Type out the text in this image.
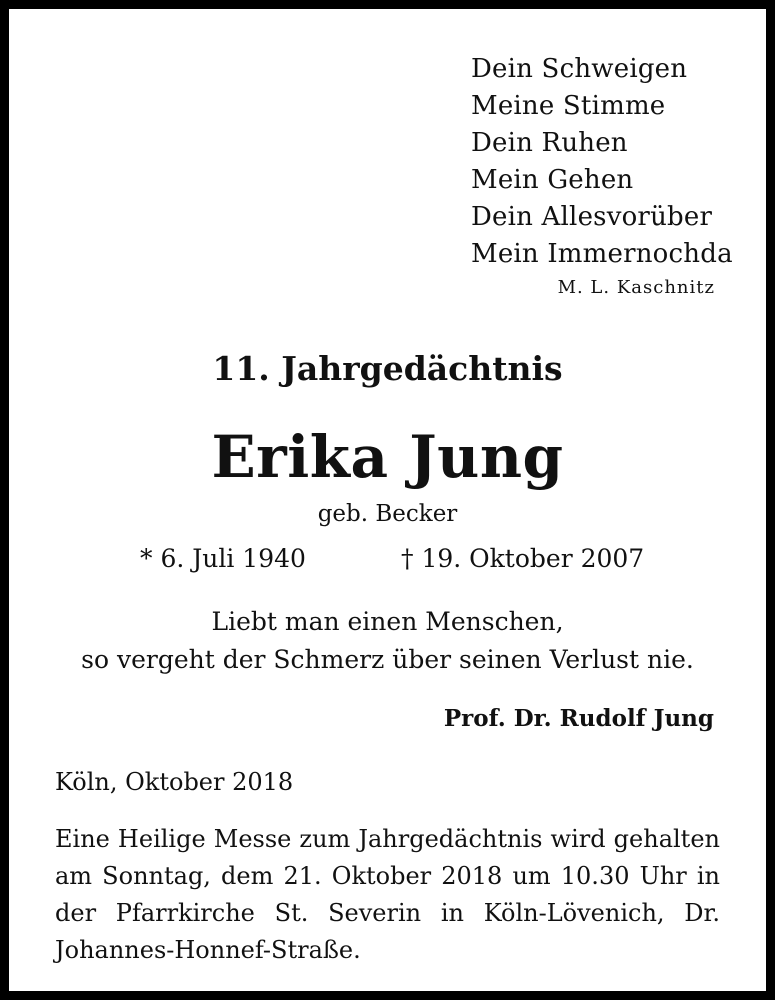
Dein Schweigen
Meine Stimme
Dein Ruhen
Mein Gehen
Dein Allesvorüber
Mein Immernochda
M. L. Kaschnitz
11. Jahrgedächtnis
Erika Jung
geb. Becker
* 6. Juli 1940	† 19. Oktober 2007
Liebt man einen Menschen,
so vergeht der Schmerz über seinen Verlust nie.
Prof. Dr. Rudolf Jung
Köln, Oktober 2018
Eine Heilige Messe zum Jahrgedächtnis wird gehalten
am Sonntag, dem 21. Oktober 2018 um 10.30 Uhr in
der Pfarrkirche St. Severin in Köln-Lövenich, Dr.
Johannes-Honnef-Straße.
